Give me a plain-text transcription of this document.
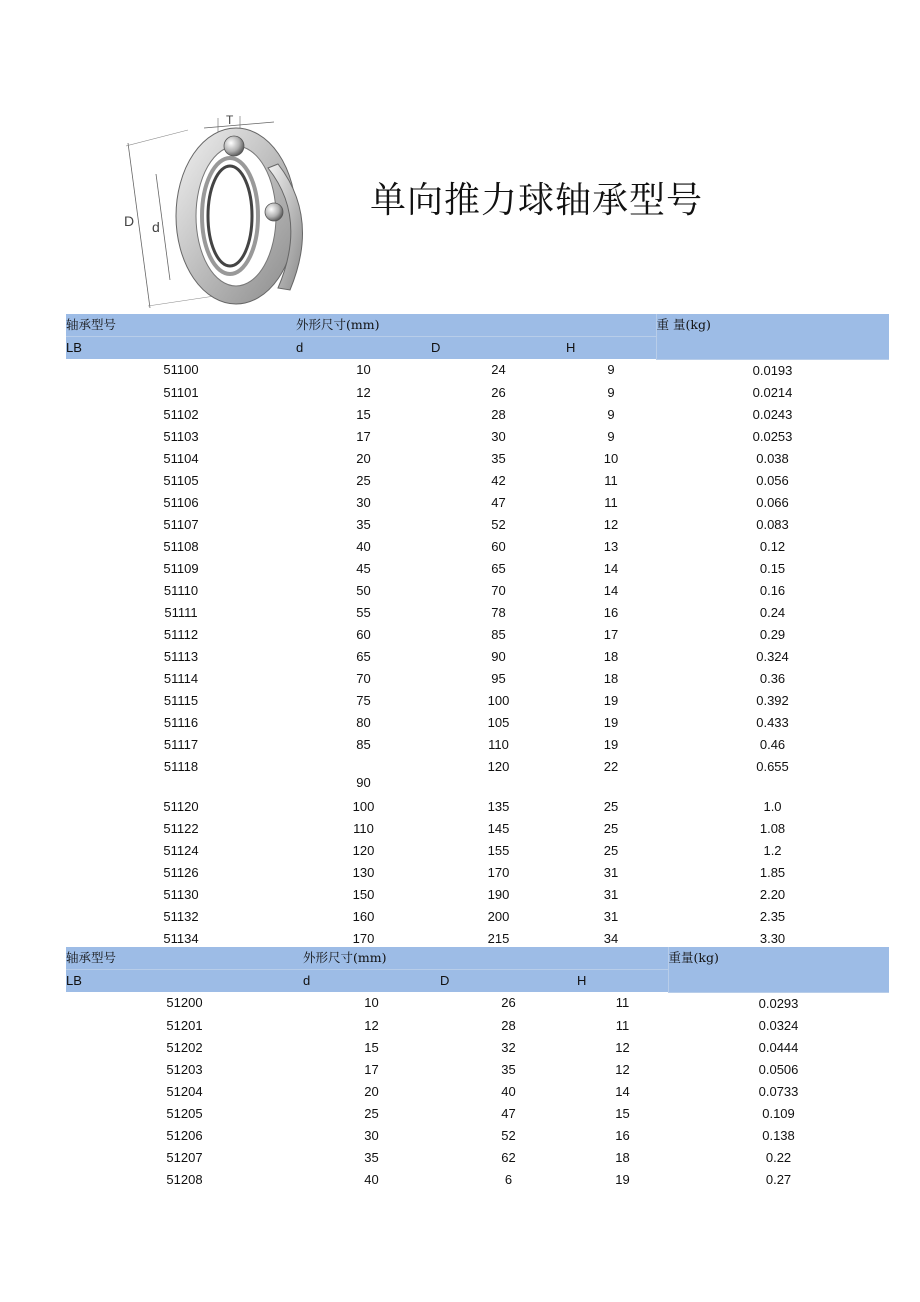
D d
T
单向推力球轴承型号
轴承型号	外形尺寸(mm)			重 量(kg)
LB	d	D	H	
51100	10	24	9	0.0193
51101	12	26	9	0.0214
51102	15	28	9	0.0243
51103	17	30	9	0.0253
51104	20	35	10	0.038
51105	25	42	11	0.056
51106	30	47	11	0.066
51107	35	52	12	0.083
51108	40	60	13	0.12
51109	45	65	14	0.15
51110	50	70	14	0.16
51111	55	78	16	0.24
51112	60	85	17	0.29
51113	65	90	18	0.324
51114	70	95	18	0.36
51115	75	100	19	0.392
51116	80	105	19	0.433
51117	85	110	19	0.46
51118	90	120	22	0.655
51120	100	135	25	1.0
51122	110	145	25	1.08
51124	120	155	25	1.2
51126	130	170	31	1.85
51130	150	190	31	2.20
51132	160	200	31	2.35
51134	170	215	34	3.30
轴承型号	外形尺寸(mm)			重量(kg)
LB	d	D	H	
51200	10	26	11	0.0293
51201	12	28	11	0.0324
51202	15	32	12	0.0444
51203	17	35	12	0.0506
51204	20	40	14	0.0733
51205	25	47	15	0.109
51206	30	52	16	0.138
51207	35	62	18	0.22
51208	40	6	19	0.27
